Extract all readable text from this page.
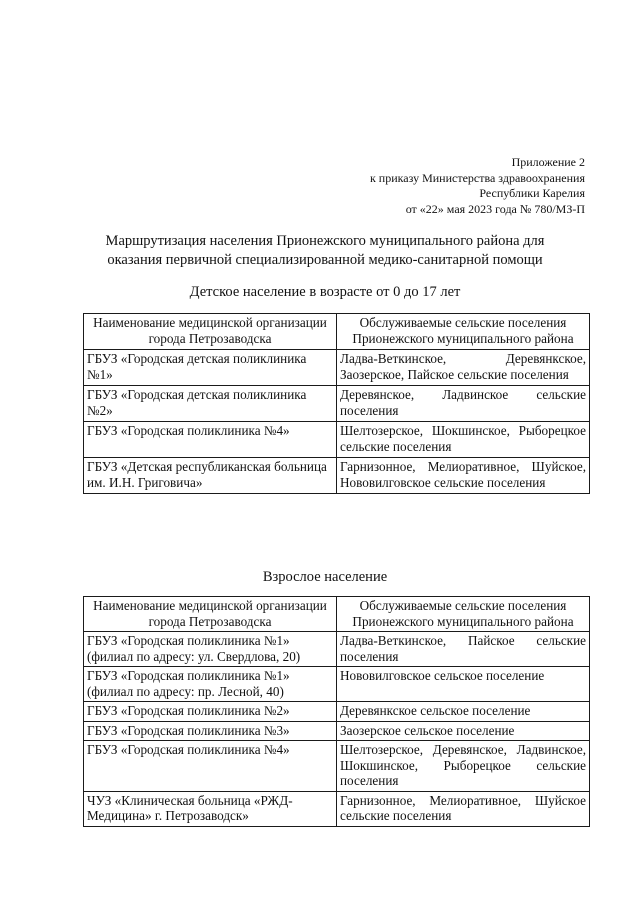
Приложение 2
к приказу Министерства здравоохранения
Республики Карелия
от «22» мая 2023 года № 780/МЗ-П
Маршрутизация населения Прионежского муниципального района для
оказания первичной специализированной медико-санитарной помощи
Детское население в возрасте от 0 до 17 лет
Наименование медицинской организации города Петрозаводска	Обслуживаемые сельские поселения Прионежского муниципального района
ГБУЗ «Городская детская поликлиника №1»	Ладва-Веткинское, Деревянкское, Заозерское, Пайское сельские поселения
ГБУЗ «Городская детская поликлиника №2»	Деревянское, Ладвинское сельские поселения
ГБУЗ «Городская поликлиника №4»	Шелтозерское, Шокшинское, Рыборецкое сельские поселения
ГБУЗ «Детская республиканская больница им. И.Н. Григовича»	Гарнизонное, Мелиоративное, Шуйское, Нововилговское сельские поселения
Взрослое население
Наименование медицинской организации города Петрозаводска	Обслуживаемые сельские поселения Прионежского муниципального района
ГБУЗ «Городская поликлиника №1» (филиал по адресу: ул. Свердлова, 20)	Ладва-Веткинское, Пайское сельские поселения
ГБУЗ «Городская поликлиника №1» (филиал по адресу: пр. Лесной, 40)	Нововилговское сельское поселение
ГБУЗ «Городская поликлиника №2»	Деревянкское сельское поселение
ГБУЗ «Городская поликлиника №3»	Заозерское сельское поселение
ГБУЗ «Городская поликлиника №4»	Шелтозерское, Деревянское, Ладвинское, Шокшинское, Рыборецкое сельские поселения
ЧУЗ «Клиническая больница «РЖД-Медицина» г. Петрозаводск»	Гарнизонное, Мелиоративное, Шуйское сельские поселения
